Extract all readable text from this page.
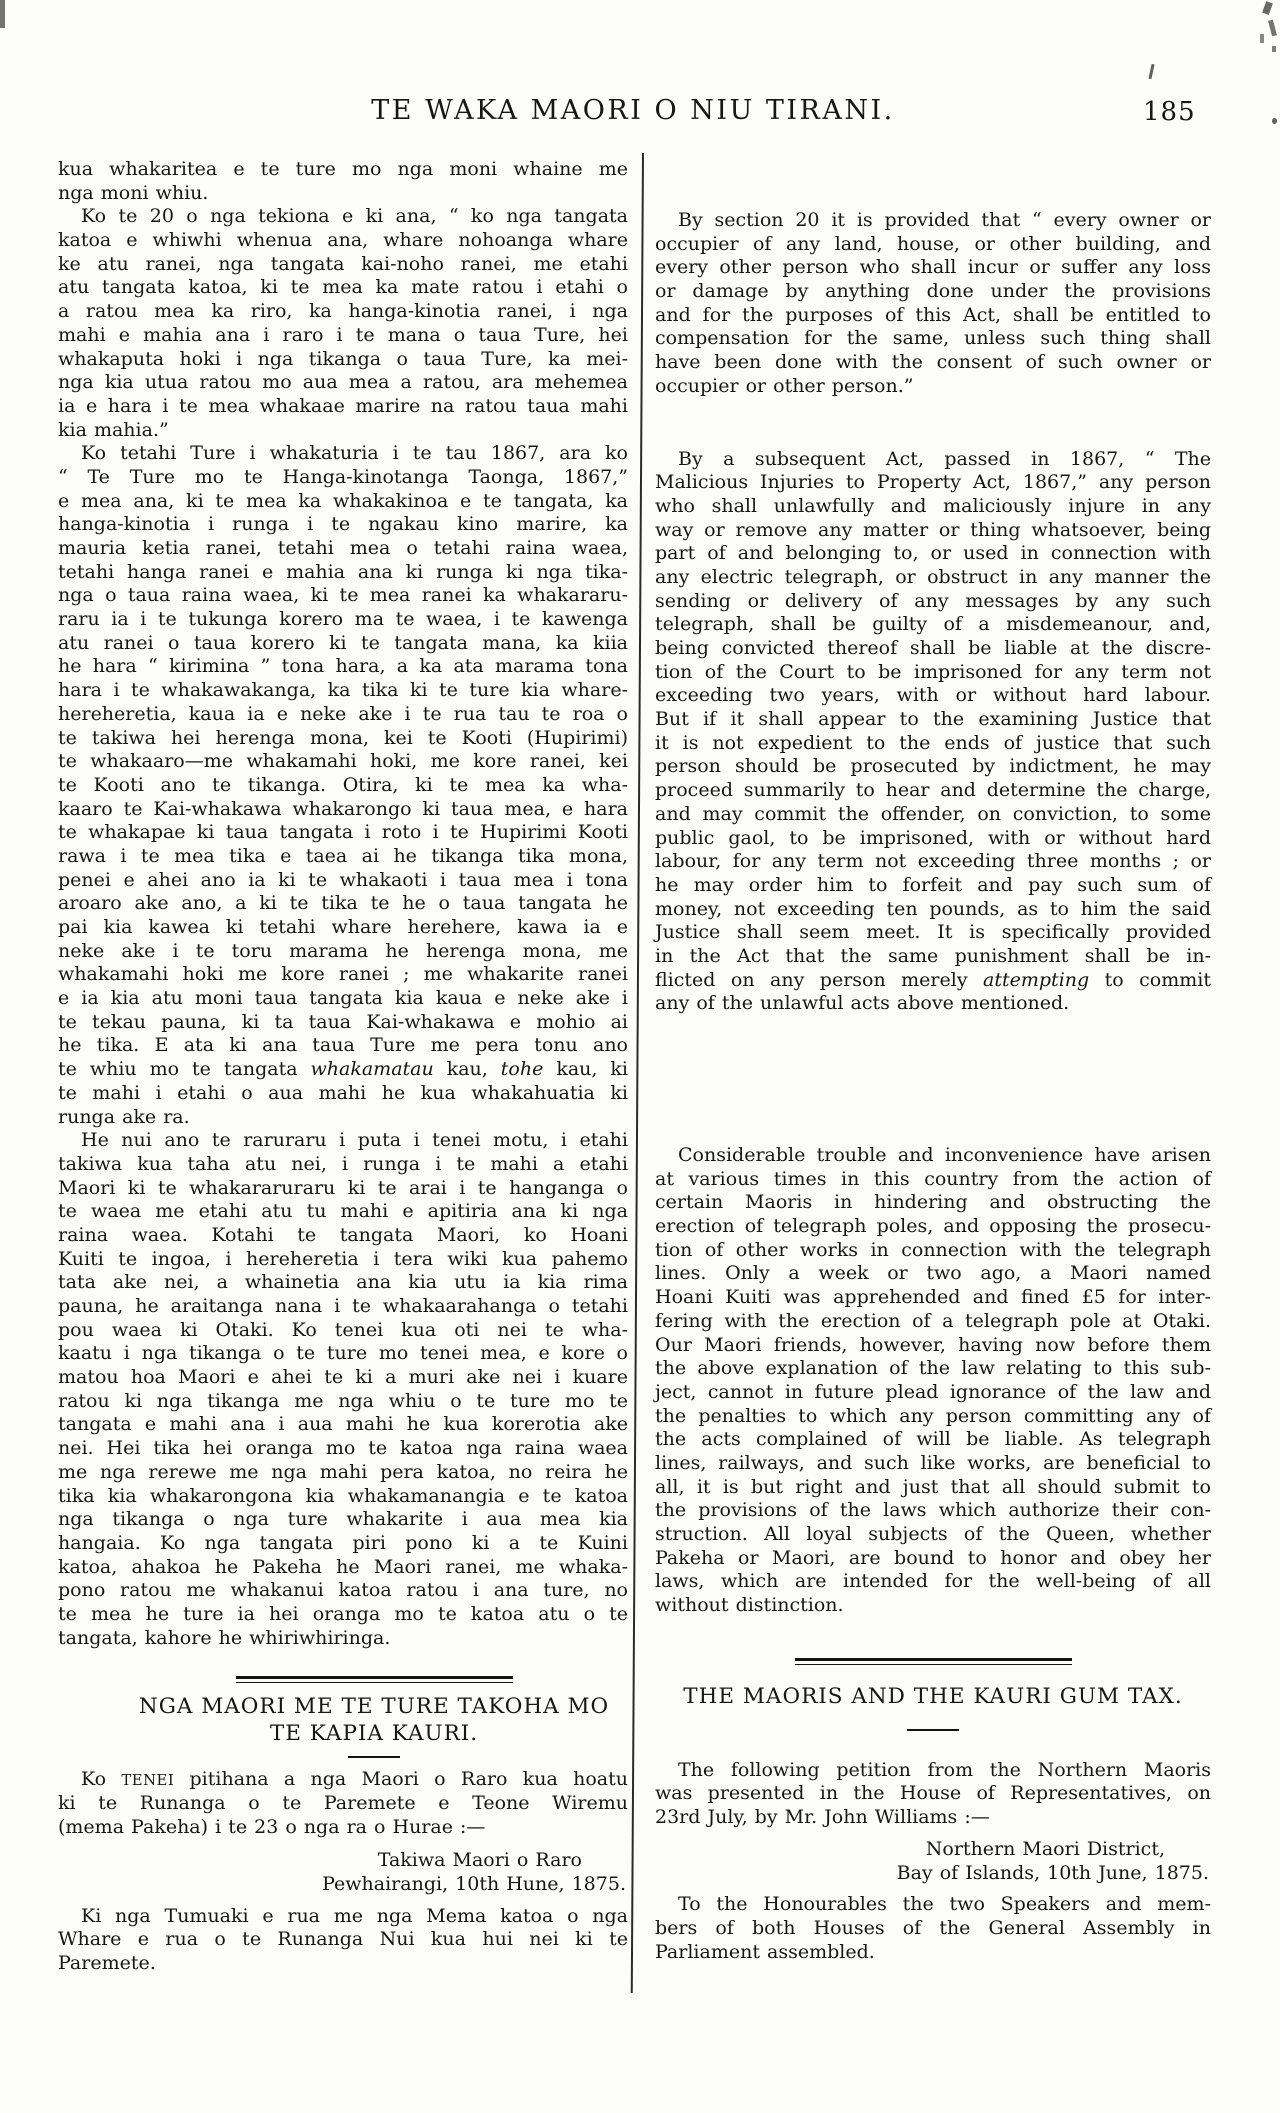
TE WAKA MAORI O NIU TIRANI.	185
kua whakaritea e te ture mo nga moni whaine me
nga moni whiu.
Ko te 20 o nga tekiona e ki ana, “ ko nga tangata
katoa e whiwhi whenua ana, whare nohoanga whare
ke atu ranei, nga tangata kai-noho ranei, me etahi
atu tangata katoa, ki te mea ka mate ratou i etahi o
a ratou mea ka riro, ka hanga-kinotia ranei, i nga
mahi e mahia ana i raro i te mana o taua Ture, hei
whakaputa hoki i nga tikanga o taua Ture, ka mei-
nga kia utua ratou mo aua mea a ratou, ara mehemea
ia e hara i te mea whakaae marire na ratou taua mahi
kia mahia.”
Ko tetahi Ture i whakaturia i te tau 1867, ara ko
“ Te Ture mo te Hanga-kinotanga Taonga, 1867,”
e mea ana, ki te mea ka whakakinoa e te tangata, ka
hanga-kinotia i runga i te ngakau kino marire, ka
mauria ketia ranei, tetahi mea o tetahi raina waea,
tetahi hanga ranei e mahia ana ki runga ki nga tika-
nga o taua raina waea, ki te mea ranei ka whakararu-
raru ia i te tukunga korero ma te waea, i te kawenga
atu ranei o taua korero ki te tangata mana, ka kiia
he hara “ kirimina ” tona hara, a ka ata marama tona
hara i te whakawakanga, ka tika ki te ture kia whare-
hereheretia, kaua ia e neke ake i te rua tau te roa o
te takiwa hei herenga mona, kei te Kooti (Hupirimi)
te whakaaro—me whakamahi hoki, me kore ranei, kei
te Kooti ano te tikanga. Otira, ki te mea ka wha-
kaaro te Kai-whakawa whakarongo ki taua mea, e hara
te whakapae ki taua tangata i roto i te Hupirimi Kooti
rawa i te mea tika e taea ai he tikanga tika mona,
penei e ahei ano ia ki te whakaoti i taua mea i tona
aroaro ake ano, a ki te tika te he o taua tangata he
pai kia kawea ki tetahi whare herehere, kawa ia e
neke ake i te toru marama he herenga mona, me
whakamahi hoki me kore ranei ; me whakarite ranei
e ia kia atu moni taua tangata kia kaua e neke ake i
te tekau pauna, ki ta taua Kai-whakawa e mohio ai
he tika. E ata ki ana taua Ture me pera tonu ano
te whiu mo te tangata whakamatau kau, tohe kau, ki
te mahi i etahi o aua mahi he kua whakahuatia ki
runga ake ra.
He nui ano te raruraru i puta i tenei motu, i etahi
takiwa kua taha atu nei, i runga i te mahi a etahi
Maori ki te whakararuraru ki te arai i te hanganga o
te waea me etahi atu tu mahi e apitiria ana ki nga
raina waea. Kotahi te tangata Maori, ko Hoani
Kuiti te ingoa, i hereheretia i tera wiki kua pahemo
tata ake nei, a whainetia ana kia utu ia kia rima
pauna, he araitanga nana i te whakaarahanga o tetahi
pou waea ki Otaki. Ko tenei kua oti nei te wha-
kaatu i nga tikanga o te ture mo tenei mea, e kore o
matou hoa Maori e ahei te ki a muri ake nei i kuare
ratou ki nga tikanga me nga whiu o te ture mo te
tangata e mahi ana i aua mahi he kua korerotia ake
nei. Hei tika hei oranga mo te katoa nga raina waea
me nga rerewe me nga mahi pera katoa, no reira he
tika kia whakarongona kia whakamanangia e te katoa
nga tikanga o nga ture whakarite i aua mea kia
hangaia. Ko nga tangata piri pono ki a te Kuini
katoa, ahakoa he Pakeha he Maori ranei, me whaka-
pono ratou me whakanui katoa ratou i ana ture, no
te mea he ture ia hei oranga mo te katoa atu o te
tangata, kahore he whiriwhiringa.
NGA MAORI ME TE TURE TAKOHA MO
TE KAPIA KAURI.
Ko TENEI pitihana a nga Maori o Raro kua hoatu
ki te Runanga o te Paremete e Teone Wiremu
(mema Pakeha) i te 23 o nga ra o Hurae :—
Takiwa Maori o Raro
Pewhairangi, 10th Hune, 1875.
Ki nga Tumuaki e rua me nga Mema katoa o nga
Whare e rua o te Runanga Nui kua hui nei ki te
Paremete.
By section 20 it is provided that “ every owner or
occupier of any land, house, or other building, and
every other person who shall incur or suffer any loss
or damage by anything done under the provisions
and for the purposes of this Act, shall be entitled to
compensation for the same, unless such thing shall
have been done with the consent of such owner or
occupier or other person.”
By a subsequent Act, passed in 1867, “ The
Malicious Injuries to Property Act, 1867,” any person
who shall unlawfully and maliciously injure in any
way or remove any matter or thing whatsoever, being
part of and belonging to, or used in connection with
any electric telegraph, or obstruct in any manner the
sending or delivery of any messages by any such
telegraph, shall be guilty of a misdemeanour, and,
being convicted thereof shall be liable at the discre-
tion of the Court to be imprisoned for any term not
exceeding two years, with or without hard labour.
But if it shall appear to the examining Justice that
it is not expedient to the ends of justice that such
person should be prosecuted by indictment, he may
proceed summarily to hear and determine the charge,
and may commit the offender, on conviction, to some
public gaol, to be imprisoned, with or without hard
labour, for any term not exceeding three months ; or
he may order him to forfeit and pay such sum of
money, not exceeding ten pounds, as to him the said
Justice shall seem meet. It is specifically provided
in the Act that the same punishment shall be in-
flicted on any person merely attempting to commit
any of the unlawful acts above mentioned.
Considerable trouble and inconvenience have arisen
at various times in this country from the action of
certain Maoris in hindering and obstructing the
erection of telegraph poles, and opposing the prosecu-
tion of other works in connection with the telegraph
lines. Only a week or two ago, a Maori named
Hoani Kuiti was apprehended and fined £5 for inter-
fering with the erection of a telegraph pole at Otaki.
Our Maori friends, however, having now before them
the above explanation of the law relating to this sub-
ject, cannot in future plead ignorance of the law and
the penalties to which any person committing any of
the acts complained of will be liable. As telegraph
lines, railways, and such like works, are beneficial to
all, it is but right and just that all should submit to
the provisions of the laws which authorize their con-
struction. All loyal subjects of the Queen, whether
Pakeha or Maori, are bound to honor and obey her
laws, which are intended for the well-being of all
without distinction.
THE MAORIS AND THE KAURI GUM TAX.
The following petition from the Northern Maoris
was presented in the House of Representatives, on
23rd July, by Mr. John Williams :—
Northern Maori District,
Bay of Islands, 10th June, 1875.
To the Honourables the two Speakers and mem-
bers of both Houses of the General Assembly in
Parliament assembled.
